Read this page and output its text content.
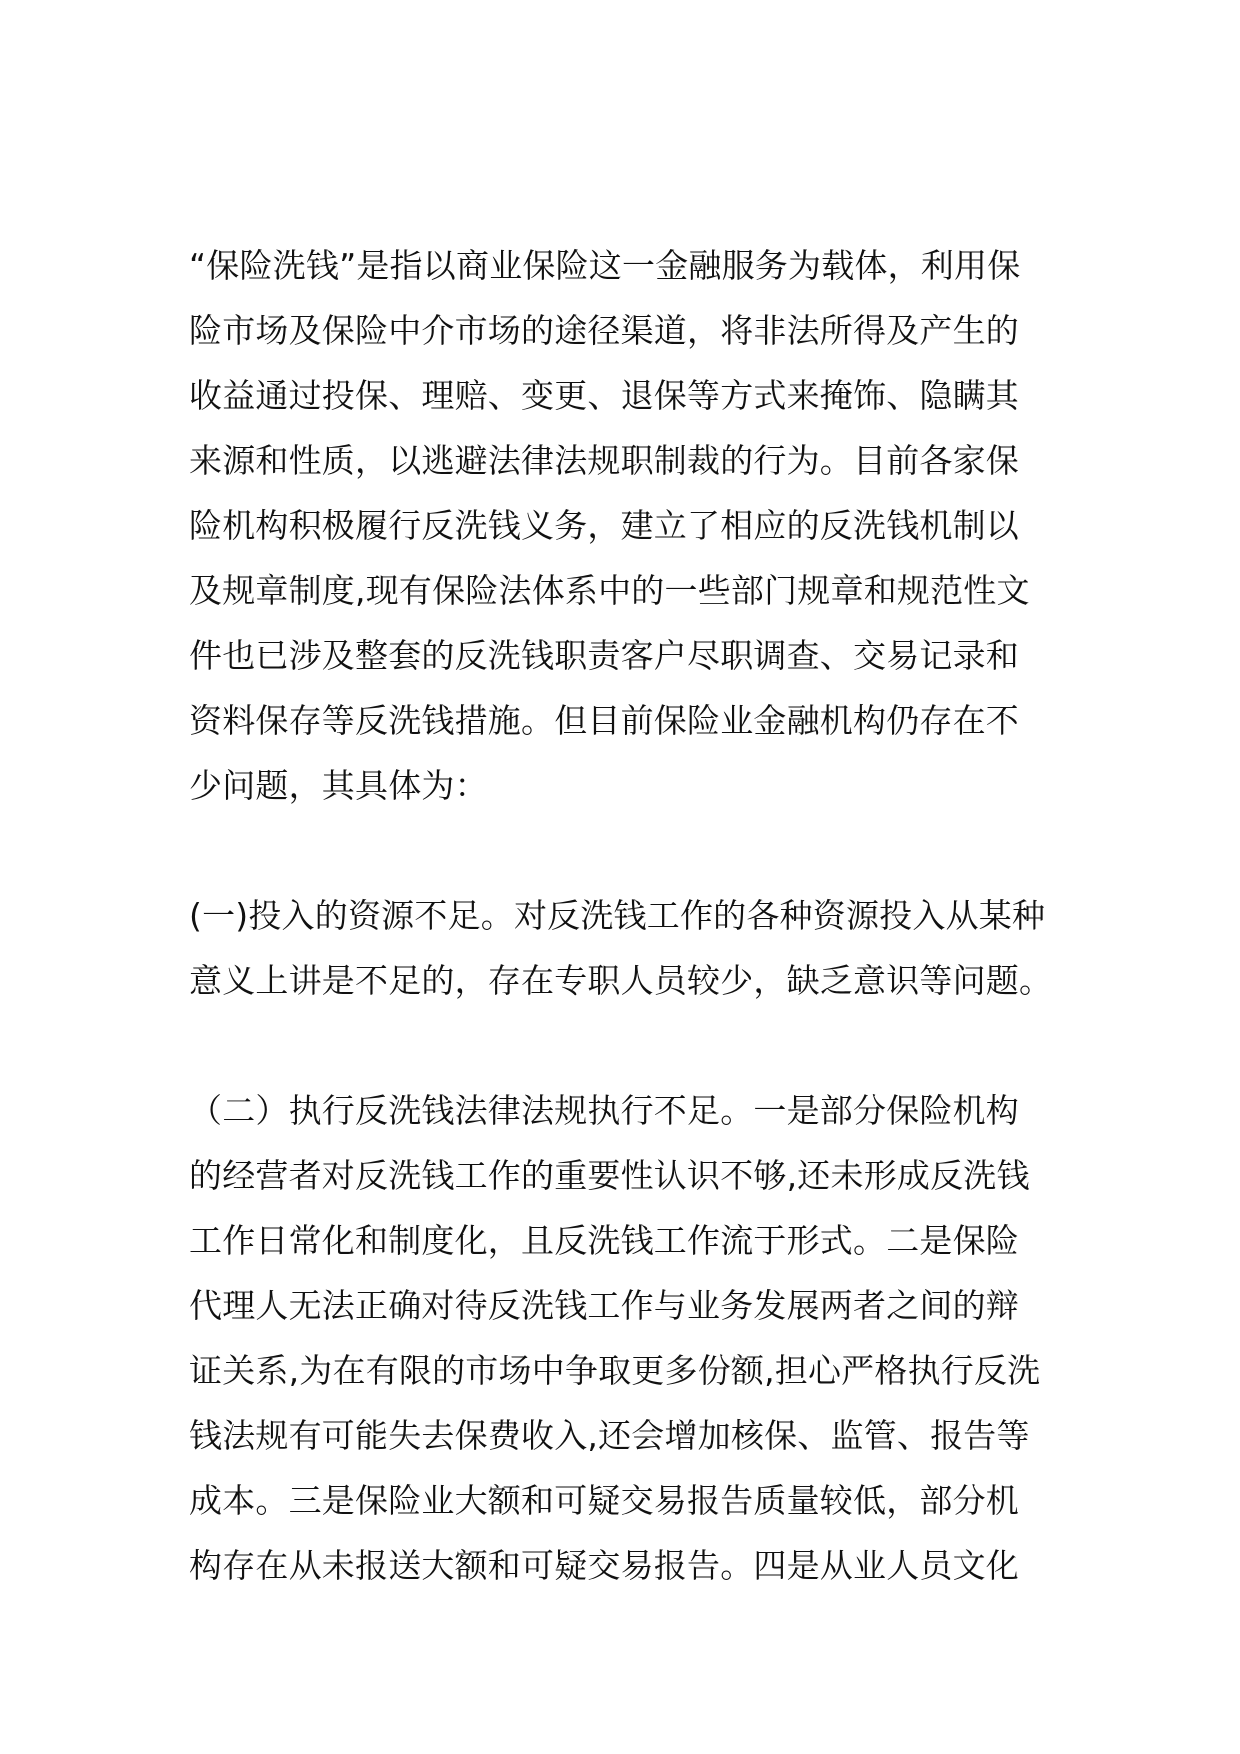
“保险洗钱”是指以商业保险这一金融服务为载体，利用保

险市场及保险中介市场的途径渠道，将非法所得及产生的

收益通过投保、理赔、变更、退保等方式来掩饰、隐瞒其

来源和性质，以逃避法律法规职制裁的行为。目前各家保

险机构积极履行反洗钱义务，建立了相应的反洗钱机制以

及规章制度,现有保险法体系中的一些部门规章和规范性文

件也已涉及整套的反洗钱职责客户尽职调查、交易记录和

资料保存等反洗钱措施。但目前保险业金融机构仍存在不

少问题，其具体为：

(一)投入的资源不足。对反洗钱工作的各种资源投入从某种

意义上讲是不足的，存在专职人员较少，缺乏意识等问题。

（二）执行反洗钱法律法规执行不足。一是部分保险机构

的经营者对反洗钱工作的重要性认识不够,还未形成反洗钱

工作日常化和制度化，且反洗钱工作流于形式。二是保险

代理人无法正确对待反洗钱工作与业务发展两者之间的辩

证关系,为在有限的市场中争取更多份额,担心严格执行反洗

钱法规有可能失去保费收入,还会增加核保、监管、报告等

成本。三是保险业大额和可疑交易报告质量较低，部分机

构存在从未报送大额和可疑交易报告。四是从业人员文化
